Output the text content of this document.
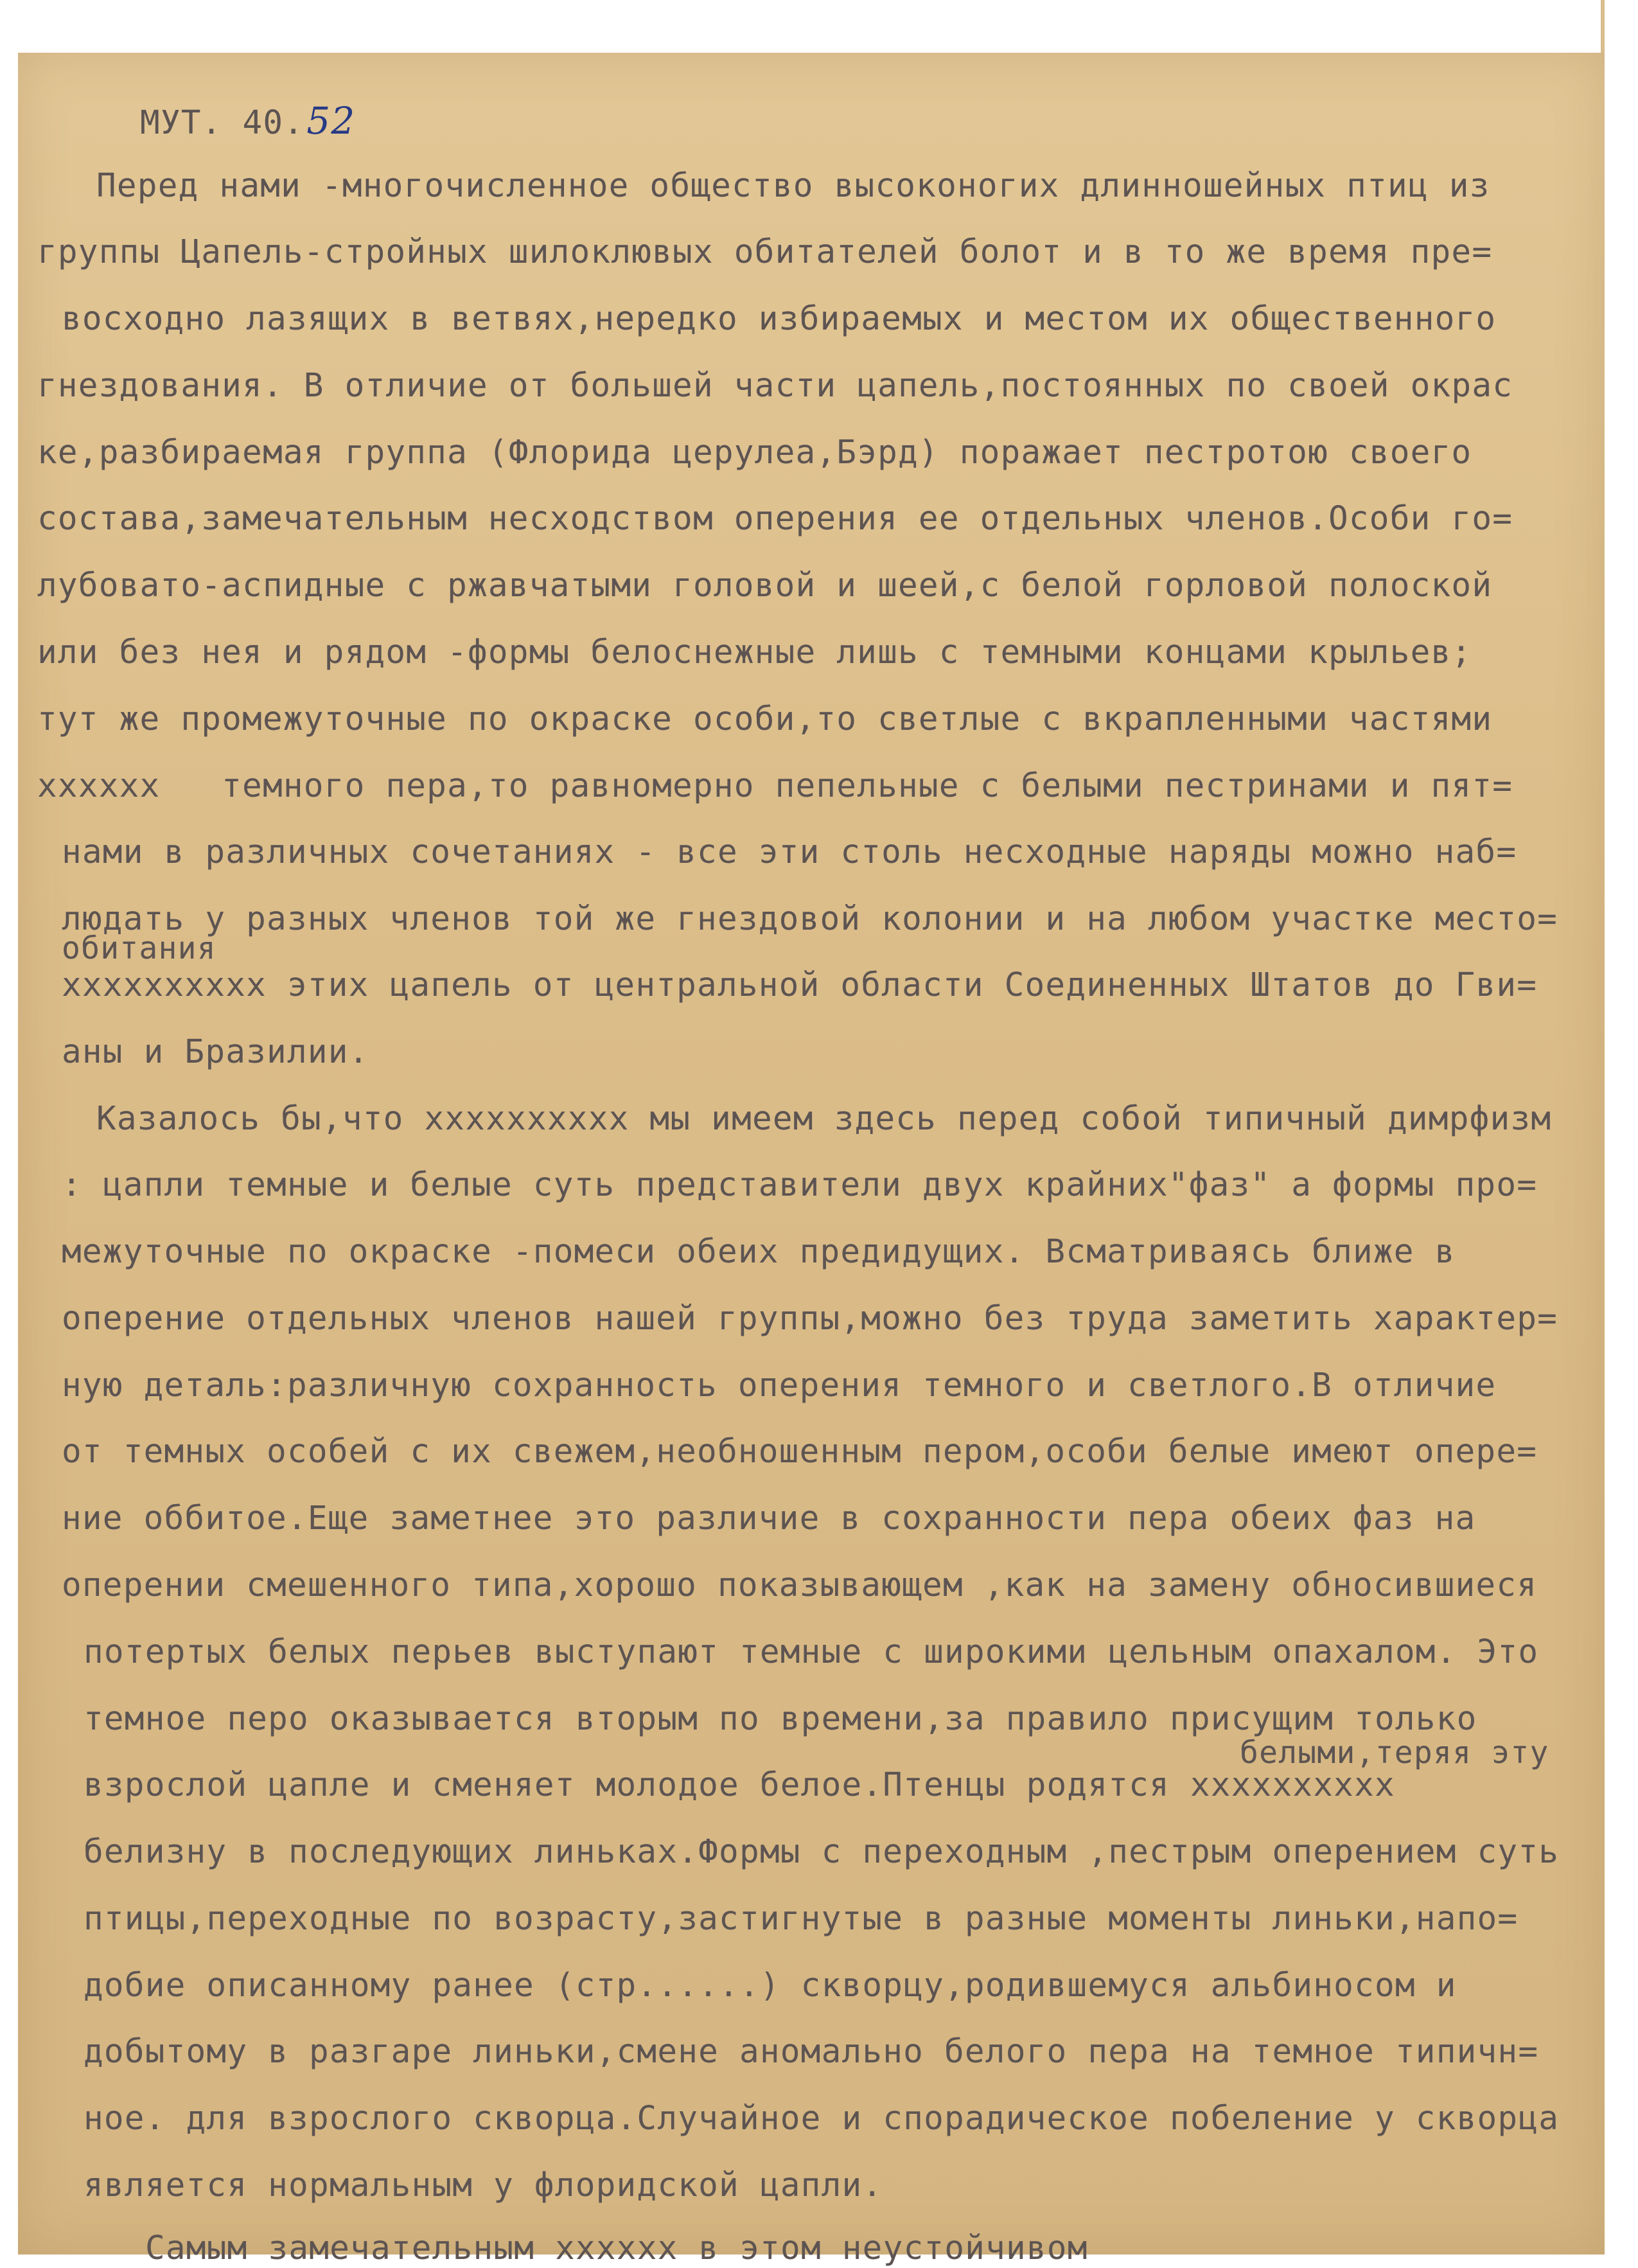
МУТ. 40.52
Перед нами -многочисленное общество высоконогих длинношейных птиц из
группы Цапель-стройных шилоклювых обитателей болот и в то же время пре=
восходно лазящих в ветвях,нередко избираемых и местом их общественного
гнездования. В отличие от большей части цапель,постоянных по своей окрас
ке,разбираемая группа (Флорида церулеа,Бэрд) поражает пестротою своего
состава,замечательным несходством оперения ее отдельных членов.Особи го=
лубовато-аспидные с ржавчатыми головой и шеей,с белой горловой полоской
или без нея и рядом -формы белоснежные лишь с темными концами крыльев;
тут же промежуточные по окраске особи,то светлые с вкрапленными частями
хххххх   темного пера,то равномерно пепельные с белыми пестринами и пят=
нами в различных сочетаниях - все эти столь несходные наряды можно наб=
людать у разных членов той же гнездовой колонии и на любом участке место=
обитания
хххххххххх этих цапель от центральной области Соединенных Штатов до Гви=
аны и Бразилии.
Казалось бы,что хххххххххх мы имеем здесь перед собой типичный димрфизм
: цапли темные и белые суть представители двух крайних"фаз" а формы про=
межуточные по окраске -помеси обеих предидущих. Всматриваясь ближе в
оперение отдельных членов нашей группы,можно без труда заметить характер=
ную деталь:различную сохранность оперения темного и светлого.В отличие
от темных особей с их свежем,необношенным пером,особи белые имеют опере=
ние оббитое.Еще заметнее это различие в сохранности пера обеих фаз на
оперении смешенного типа,хорошо показывающем ,как на замену обносившиеся
потертых белых перьев выступают темные с широкими цельным опахалом. Это
темное перо оказывается вторым по времени,за правило присущим только
белыми,теряя эту
взрослой цапле и сменяет молодое белое.Птенцы родятся хххххххххх
белизну в последующих линьках.Формы с переходным ,пестрым оперением суть
птицы,переходные по возрасту,застигнутые в разные моменты линьки,напо=
добие описанному ранее (стр......) скворцу,родившемуся альбиносом и
добытому в разгаре линьки,смене аномально белого пера на темное типичн=
ное. для взрослого скворца.Случайное и спорадическое побеление у скворца
является нормальным у флоридской цапли.
Самым замечательным хххххх в этом неустойчивом
